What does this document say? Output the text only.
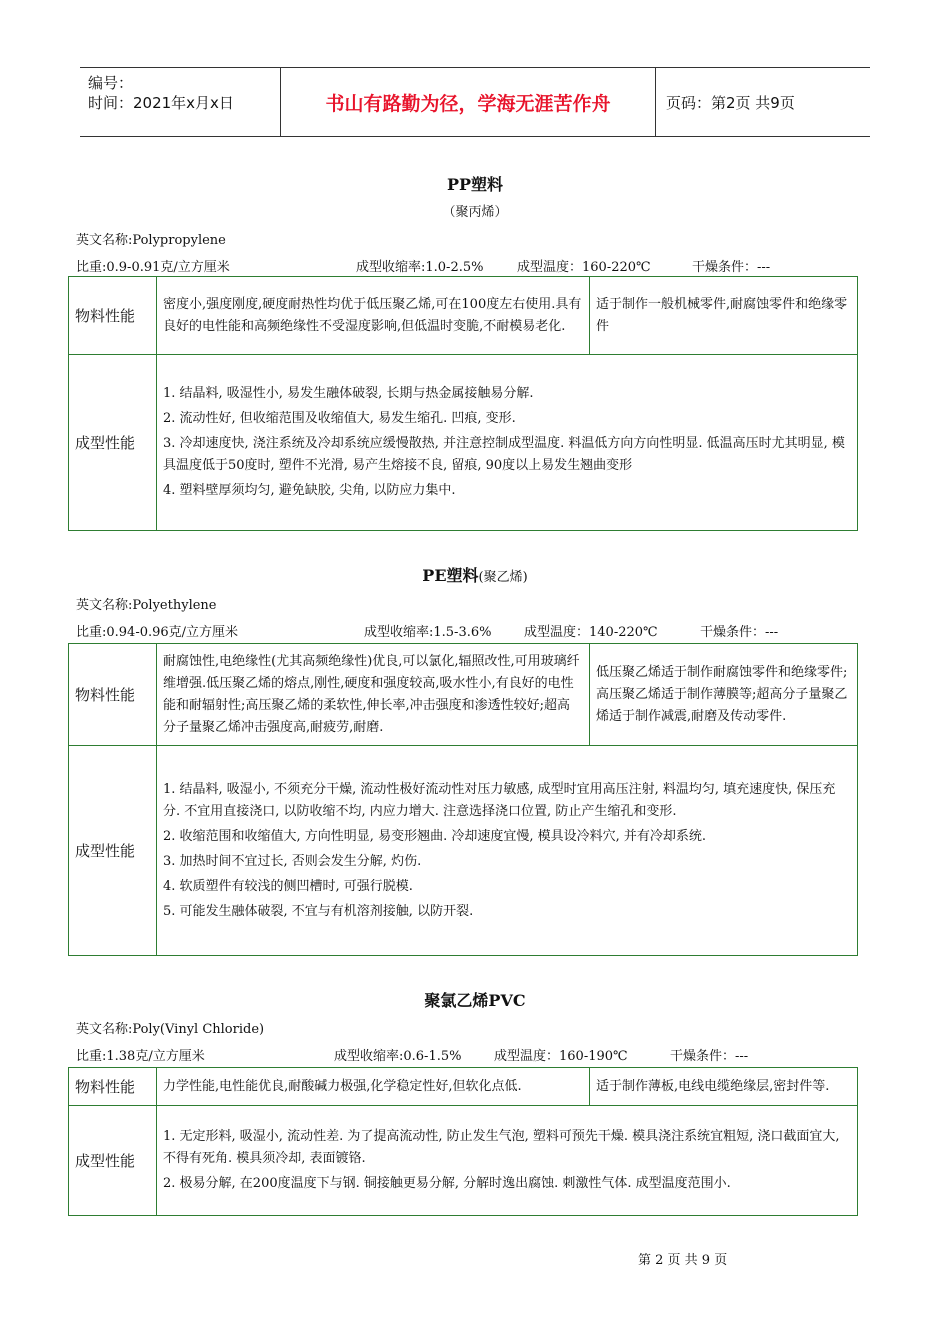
编号：
时间：2021年x月x日	书山有路勤为径，学海无涯苦作舟	页码：第2页 共9页
PP塑料
（聚丙烯）
英文名称:Polypropylene
比重:0.9-0.91克/立方厘米	成型收缩率:1.0-2.5%	成型温度：160-220℃	干燥条件：---
物料性能	密度小,强度刚度,硬度耐热性均优于低压聚乙烯,可在100度左右使用.具有良好的电性能和高频绝缘性不受湿度影响,但低温时变脆,不耐模易老化.	适于制作一般机械零件,耐腐蚀零件和绝缘零件
成型性能	1. 结晶料, 吸湿性小, 易发生融体破裂, 长期与热金属接触易分解.

2. 流动性好, 但收缩范围及收缩值大, 易发生缩孔. 凹痕, 变形.

3. 冷却速度快, 浇注系统及冷却系统应缓慢散热, 并注意控制成型温度. 料温低方向方向性明显. 低温高压时尤其明显, 模具温度低于50度时, 塑件不光滑, 易产生熔接不良, 留痕, 90度以上易发生翘曲变形

4. 塑料壁厚须均匀, 避免缺胶, 尖角, 以防应力集中.	

PE塑料(聚乙烯)
英文名称:Polyethylene
比重:0.94-0.96克/立方厘米	成型收缩率:1.5-3.6%	成型温度：140-220℃	干燥条件：---
物料性能	耐腐蚀性,电绝缘性(尤其高频绝缘性)优良,可以氯化,辐照改性,可用玻璃纤维增强.低压聚乙烯的熔点,刚性,硬度和强度较高,吸水性小,有良好的电性能和耐辐射性;高压聚乙烯的柔软性,伸长率,冲击强度和渗透性较好;超高分子量聚乙烯冲击强度高,耐疲劳,耐磨.	低压聚乙烯适于制作耐腐蚀零件和绝缘零件;高压聚乙烯适于制作薄膜等;超高分子量聚乙烯适于制作减震,耐磨及传动零件.
成型性能	1. 结晶料, 吸湿小, 不须充分干燥, 流动性极好流动性对压力敏感, 成型时宜用高压注射, 料温均匀, 填充速度快, 保压充分. 不宜用直接浇口, 以防收缩不均, 内应力增大. 注意选择浇口位置, 防止产生缩孔和变形.

2. 收缩范围和收缩值大, 方向性明显, 易变形翘曲. 冷却速度宜慢, 模具设冷料穴, 并有冷却系统.

3. 加热时间不宜过长, 否则会发生分解, 灼伤.

4. 软质塑件有较浅的侧凹槽时, 可强行脱模.

5. 可能发生融体破裂, 不宜与有机溶剂接触, 以防开裂.	

聚氯乙烯PVC
英文名称:Poly(Vinyl Chloride)
比重:1.38克/立方厘米	成型收缩率:0.6-1.5%	成型温度：160-190℃	干燥条件：---
物料性能	力学性能,电性能优良,耐酸碱力极强,化学稳定性好,但软化点低.	适于制作薄板,电线电缆绝缘层,密封件等.
成型性能	1. 无定形料, 吸湿小, 流动性差. 为了提高流动性, 防止发生气泡, 塑料可预先干燥. 模具浇注系统宜粗短, 浇口截面宜大, 不得有死角. 模具须冷却, 表面镀铬.

2. 极易分解, 在200度温度下与钢. 铜接触更易分解, 分解时逸出腐蚀. 刺激性气体. 成型温度范围小.	

第 2 页 共 9 页
